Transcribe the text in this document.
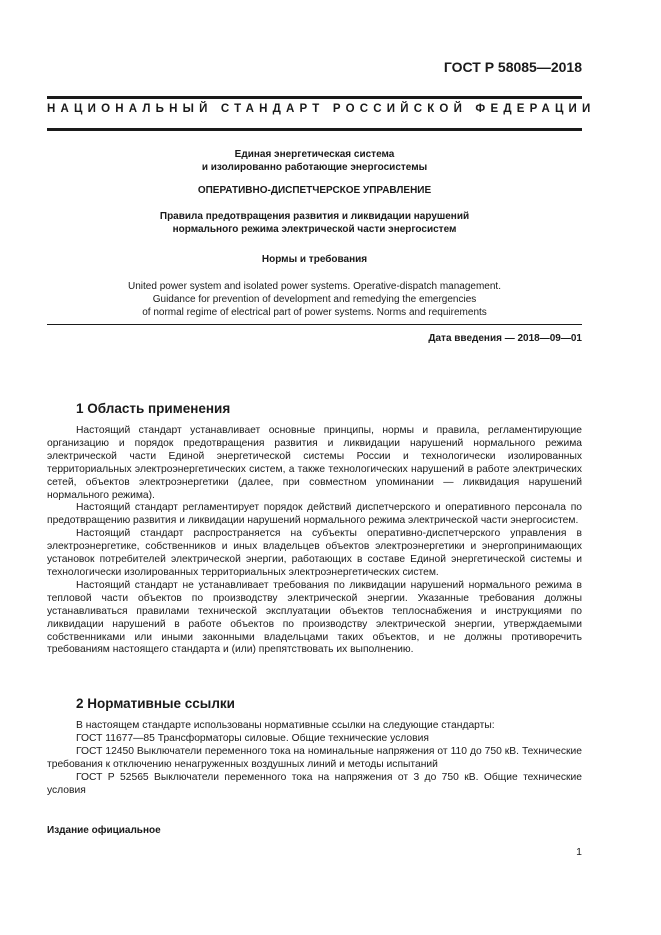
ГОСТ Р 58085—2018
НАЦИОНАЛЬНЫЙ СТАНДАРТ РОССИЙСКОЙ ФЕДЕРАЦИИ
Единая энергетическая система
и изолированно работающие энергосистемы
ОПЕРАТИВНО-ДИСПЕТЧЕРСКОЕ УПРАВЛЕНИЕ
Правила предотвращения развития и ликвидации нарушений
нормального режима электрической части энергосистем
Нормы и требования
United power system and isolated power systems. Operative-dispatch management.
Guidance for prevention of development and remedying the emergencies
of normal regime of electrical part of power systems. Norms and requirements
Дата введения — 2018—09—01
1 Область применения

Настоящий стандарт устанавливает основные принципы, нормы и правила, регламентирующие организацию и порядок предотвращения развития и ликвидации нарушений нормального режима электрической части Единой энергетической системы России и технологически изолированных территориальных электроэнергетических систем, а также технологических нарушений в работе электрических сетей, объектов электроэнергетики (далее, при совместном упоминании — ликвидация нарушений нормального режима).

Настоящий стандарт регламентирует порядок действий диспетчерского и оперативного персонала по предотвращению развития и ликвидации нарушений нормального режима электрической части энергосистем.

Настоящий стандарт распространяется на субъекты оперативно-диспетчерского управления в электроэнергетике, собственников и иных владельцев объектов электроэнергетики и энергопринимающих установок потребителей электрической энергии, работающих в составе Единой энергетической системы и технологически изолированных территориальных электроэнергетических систем.

Настоящий стандарт не устанавливает требования по ликвидации нарушений нормального режима в тепловой части объектов по производству электрической энергии. Указанные требования должны устанавливаться правилами технической эксплуатации объектов теплоснабжения и инструкциями по ликвидации нарушений в работе объектов по производству электрической энергии, утверждаемыми собственниками или иными законными владельцами таких объектов, и не должны противоречить требованиям настоящего стандарта и (или) препятствовать их выполнению.

2 Нормативные ссылки

В настоящем стандарте использованы нормативные ссылки на следующие стандарты:

ГОСТ 11677—85 Трансформаторы силовые. Общие технические условия

ГОСТ 12450 Выключатели переменного тока на номинальные напряжения от 110 до 750 кВ. Технические требования к отключению ненагруженных воздушных линий и методы испытаний

ГОСТ Р 52565 Выключатели переменного тока на напряжения от 3 до 750 кВ. Общие технические условия

Издание официальное
1
